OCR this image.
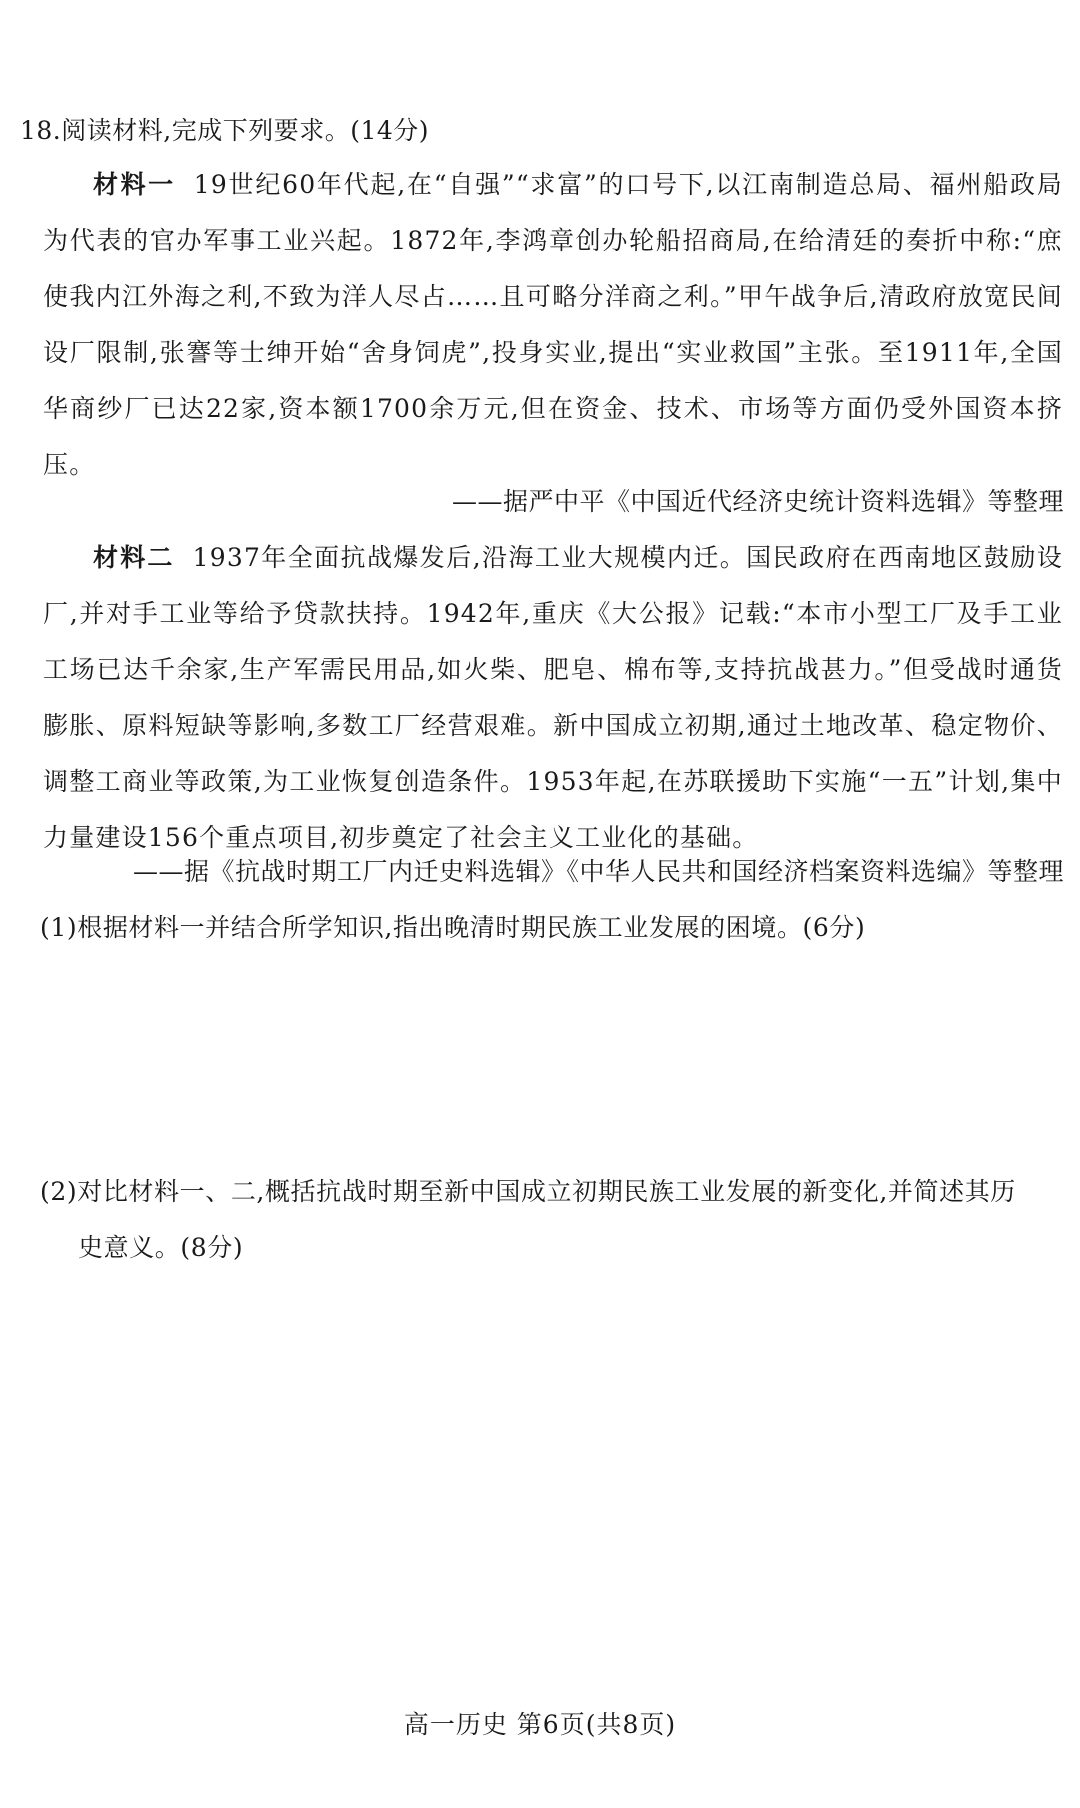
18.阅读材料,完成下列要求。(14分)
材料一 19世纪60年代起,在“自强”“求富”的口号下,以江南制造总局、福州船政局为代表的官办军事工业兴起。1872年,李鸿章创办轮船招商局,在给清廷的奏折中称:“庶使我内江外海之利,不致为洋人尽占……且可略分洋商之利。”甲午战争后,清政府放宽民间设厂限制,张謇等士绅开始“舍身饲虎”,投身实业,提出“实业救国”主张。至1911年,全国华商纱厂已达22家,资本额1700余万元,但在资金、技术、市场等方面仍受外国资本挤压。
——据严中平《中国近代经济史统计资料选辑》等整理
材料二 1937年全面抗战爆发后,沿海工业大规模内迁。国民政府在西南地区鼓励设厂,并对手工业等给予贷款扶持。1942年,重庆《大公报》记载:“本市小型工厂及手工业工场已达千余家,生产军需民用品,如火柴、肥皂、棉布等,支持抗战甚力。”但受战时通货膨胀、原料短缺等影响,多数工厂经营艰难。新中国成立初期,通过土地改革、稳定物价、调整工商业等政策,为工业恢复创造条件。1953年起,在苏联援助下实施“一五”计划,集中力量建设156个重点项目,初步奠定了社会主义工业化的基础。
——据《抗战时期工厂内迁史料选辑》《中华人民共和国经济档案资料选编》等整理
(1)根据材料一并结合所学知识,指出晚清时期民族工业发展的困境。(6分)
(2)对比材料一、二,概括抗战时期至新中国成立初期民族工业发展的新变化,并简述其历
史意义。(8分)
高一历史 第6页(共8页)
